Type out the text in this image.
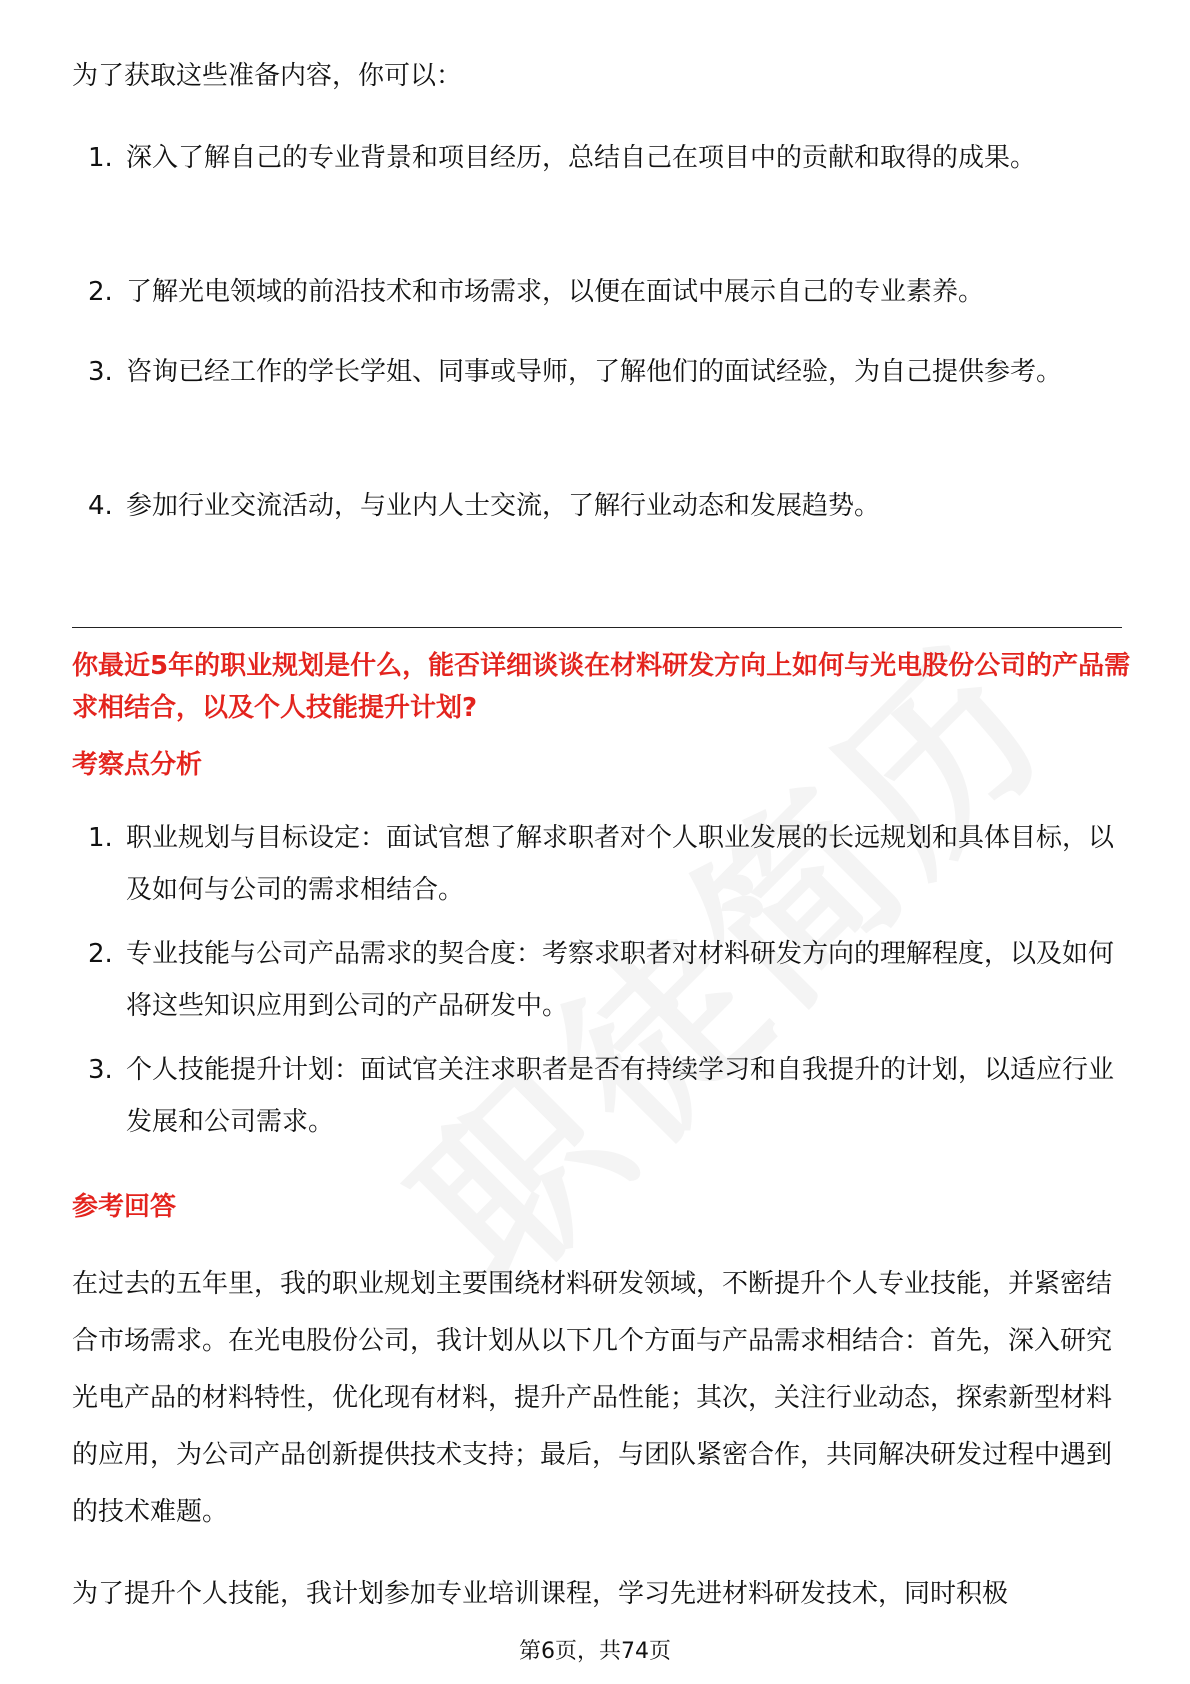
为了获取这些准备内容，你可以：

1. 深入了解自己的专业背景和项目经历，总结自己在项目中的贡献和取得的成果。
2. 了解光电领域的前沿技术和市场需求，以便在面试中展示自己的专业素养。
3. 咨询已经工作的学长学姐、同事或导师，了解他们的面试经验，为自己提供参考。
4. 参加行业交流活动，与业内人士交流，了解行业动态和发展趋势。

你最近5年的职业规划是什么，能否详细谈谈在材料研发方向上如何与光电股份公司的产品需求相结合，以及个人技能提升计划?

考察点分析

1. 职业规划与目标设定：面试官想了解求职者对个人职业发展的长远规划和具体目标，以及如何与公司的需求相结合。
2. 专业技能与公司产品需求的契合度：考察求职者对材料研发方向的理解程度，以及如何将这些知识应用到公司的产品研发中。
3. 个人技能提升计划：面试官关注求职者是否有持续学习和自我提升的计划，以适应行业发展和公司需求。

参考回答

在过去的五年里，我的职业规划主要围绕材料研发领域，不断提升个人专业技能，并紧密结合市场需求。在光电股份公司，我计划从以下几个方面与产品需求相结合：首先，深入研究光电产品的材料特性，优化现有材料，提升产品性能；其次，关注行业动态，探索新型材料的应用，为公司产品创新提供技术支持；最后，与团队紧密合作，共同解决研发过程中遇到的技术难题。

为了提升个人技能，我计划参加专业培训课程，学习先进材料研发技术，同时积极

第6页，共74页
